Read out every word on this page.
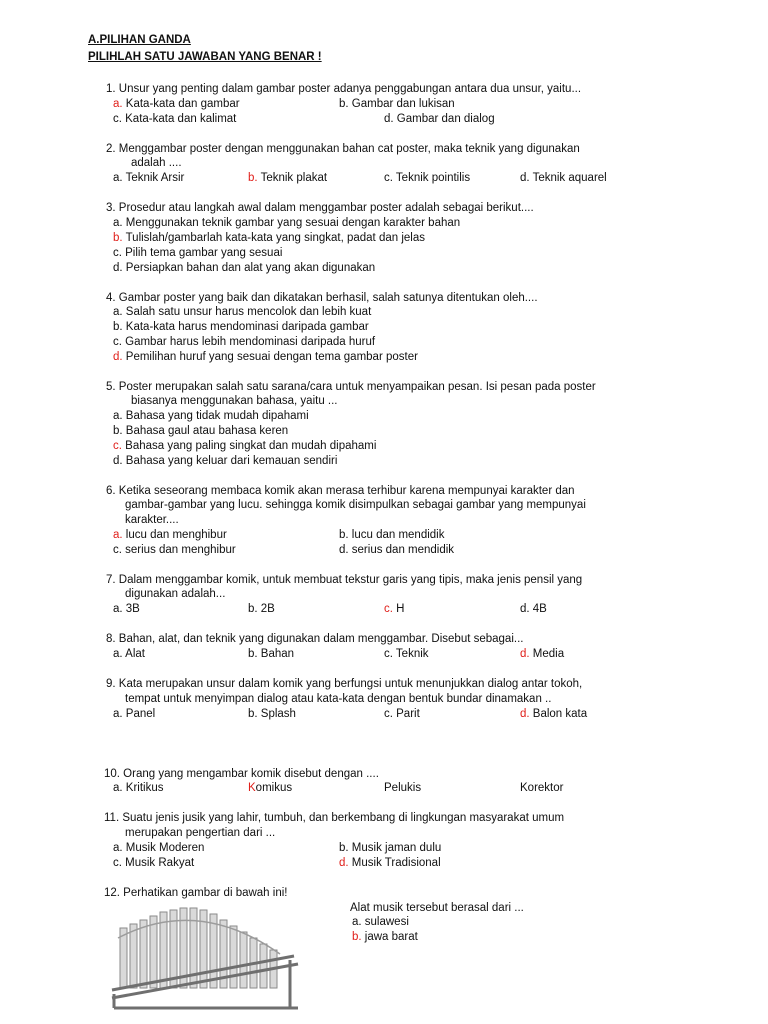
A.PILIHAN GANDA
PILIHLAH SATU JAWABAN YANG BENAR !
1. Unsur yang penting dalam gambar poster adanya penggabungan antara dua unsur, yaitu...
a. Kata-kata dan gambar	b. Gambar dan lukisan
c. Kata-kata dan kalimat	d. Gambar dan dialog
2. Menggambar poster dengan menggunakan bahan cat poster, maka teknik yang digunakan
adalah ....
a. Teknik Arsir	b. Teknik plakat	c. Teknik pointilis	d. Teknik aquarel
3. Prosedur atau langkah awal dalam menggambar poster adalah sebagai berikut....
a. Menggunakan teknik gambar yang sesuai dengan karakter bahan
b. Tulislah/gambarlah kata-kata yang singkat, padat dan jelas
c. Pilih tema gambar yang sesuai
d. Persiapkan bahan dan alat yang akan digunakan
4. Gambar poster yang baik dan dikatakan berhasil, salah satunya ditentukan oleh....
a. Salah satu unsur harus mencolok dan lebih kuat
b. Kata-kata harus mendominasi daripada gambar
c. Gambar harus lebih mendominasi daripada huruf
d. Pemilihan huruf yang sesuai dengan tema gambar poster
5. Poster merupakan salah satu sarana/cara untuk menyampaikan pesan. Isi pesan pada poster
biasanya menggunakan bahasa, yaitu ...
a. Bahasa yang tidak mudah dipahami
b. Bahasa gaul atau bahasa keren
c. Bahasa yang paling singkat dan mudah dipahami
d. Bahasa yang keluar dari kemauan sendiri
6. Ketika seseorang membaca komik akan merasa terhibur karena mempunyai karakter dan
gambar-gambar yang lucu. sehingga komik disimpulkan sebagai gambar yang mempunyai
karakter....
a. lucu dan menghibur	b. lucu dan mendidik
c. serius dan menghibur	d. serius dan mendidik
7. Dalam menggambar komik, untuk membuat tekstur garis yang tipis, maka jenis pensil yang
digunakan adalah...
a. 3B	b. 2B	c. H	d. 4B
8. Bahan, alat, dan teknik yang digunakan dalam menggambar. Disebut sebagai...
a. Alat	b. Bahan	c. Teknik	d. Media
9. Kata merupakan unsur dalam komik yang berfungsi untuk menunjukkan dialog antar tokoh,
tempat untuk menyimpan dialog atau kata-kata dengan bentuk bundar dinamakan ..
a. Panel	b. Splash	c. Parit	d. Balon kata
10. Orang yang mengambar komik disebut dengan ....
a. Kritikus	Komikus	Pelukis	Korektor
11. Suatu jenis jusik yang lahir, tumbuh, dan berkembang di lingkungan masyarakat umum
merupakan pengertian dari ...
a. Musik Moderen	b. Musik jaman dulu
c. Musik Rakyat	d. Musik Tradisional
12. Perhatikan gambar di bawah ini!
Alat musik tersebut berasal dari ...
a. sulawesi
b. jawa barat
